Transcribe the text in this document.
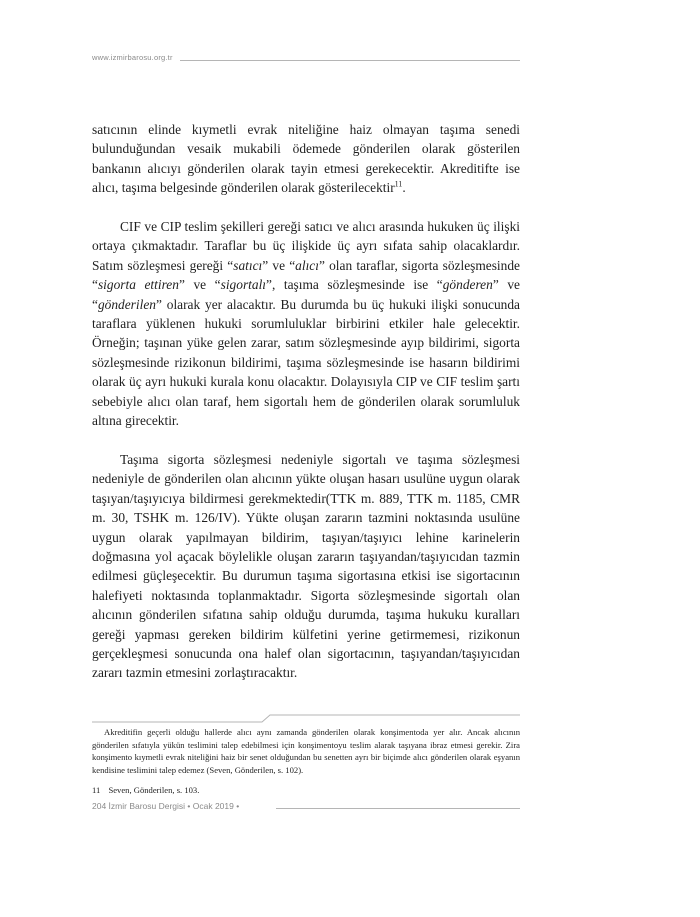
www.izmirbarosu.org.tr

satıcının elinde kıymetli evrak niteliğine haiz olmayan taşıma senedi bulunduğundan vesaik mukabili ödemede gönderilen olarak gösterilen bankanın alıcıyı gönderilen olarak tayin etmesi gerekecektir. Akreditifte ise alıcı, taşıma belgesinde gönderilen olarak gösterilecektir$^{11}$.

CIF ve CIP teslim şekilleri gereği satıcı ve alıcı arasında hukuken üç ilişki ortaya çıkmaktadır. Taraflar bu üç ilişkide üç ayrı sıfata sahip olacaklardır. Satım sözleşmesi gereği “satıcı” ve “alıcı” olan taraflar, sigorta sözleşmesinde “sigorta ettiren” ve “sigortalı”, taşıma sözleşmesinde ise “gönderen” ve “gönderilen” olarak yer alacaktır. Bu durumda bu üç hukuki ilişki sonucunda taraflara yüklenen hukuki sorumluluklar birbirini etkiler hale gelecektir. Örneğin; taşınan yüke gelen zarar, satım sözleşmesinde ayıp bildirimi, sigorta sözleşmesinde rizikonun bildirimi, taşıma sözleşmesinde ise hasarın bildirimi olarak üç ayrı hukuki kurala konu olacaktır. Dolayısıyla CIP ve CIF teslim şartı sebebiyle alıcı olan taraf, hem sigortalı hem de gönderilen olarak sorumluluk altına girecektir.

Taşıma sigorta sözleşmesi nedeniyle sigortalı ve taşıma sözleşmesi nedeniyle de gönderilen olan alıcının yükte oluşan hasarı usulüne uygun olarak taşıyan/taşıyıcıya bildirmesi gerekmektedir(TTK m. 889, TTK m. 1185, CMR m. 30, TSHK m. 126/IV). Yükte oluşan zararın tazmini noktasında usulüne uygun olarak yapılmayan bildirim, taşıyan/taşıyıcı lehine karinelerin doğmasına yol açacak böylelikle oluşan zararın taşıyandan/taşıyıcıdan tazmin edilmesi güçleşecektir. Bu durumun taşıma sigortasına etkisi ise sigortacının halefiyeti noktasında toplanmaktadır. Sigorta sözleşmesinde sigortalı olan alıcının gönderilen sıfatına sahip olduğu durumda, taşıma hukuku kuralları gereği yapması gereken bildirim külfetini yerine getirmemesi, rizikonun gerçekleşmesi sonucunda ona halef olan sigortacının, taşıyandan/taşıyıcıdan zararı tazmin etmesini zorlaştıracaktır.

Akreditifin geçerli olduğu hallerde alıcı aynı zamanda gönderilen olarak konşimentoda yer alır. Ancak alıcının gönderilen sıfatıyla yükün teslimini talep edebilmesi için konşimentoyu teslim alarak taşıyana ibraz etmesi gerekir. Zira konşimento kıymetli evrak niteliğini haiz bir senet olduğundan bu senetten ayrı bir biçimde alıcı gönderilen olarak eşyanın kendisine teslimini talep edemez (Seven, Gönderilen, s. 102).

11 Seven, Gönderilen, s. 103.
204 İzmir Barosu Dergisi • Ocak 2019 •
